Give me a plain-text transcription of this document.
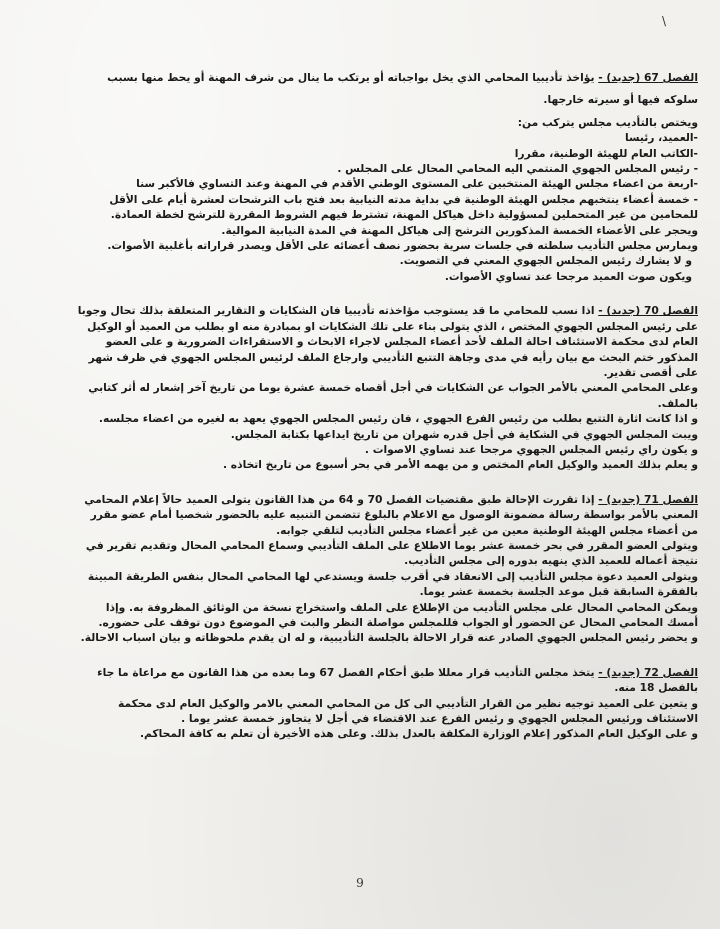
\

الفصل 67 (جديد) - يؤاخذ تأديبيا المحامي الذي يخل بواجباته أو يرتكب ما ينال من شرف المهنة أو يحط منها بسبب

سلوكه فيها أو سيرته خارجها.

ويختص بالتأديب مجلس يتركب من:

-العميد، رئيسا

-الكاتب العام للهيئة الوطنية، مقررا

- رئيس المجلس الجهوي المنتمي اليه المحامي المحال على المجلس .

-اربعة من اعضاء مجلس الهيئة المنتخبين على المستوى الوطني الأقدم في المهنة وعند التساوي فالأكبر سنا

- خمسة أعضاء ينتخبهم مجلس الهيئة الوطنية في بداية مدته النيابية بعد فتح باب الترشحات لعشرة أيام على الأقل للمحامين من غير المتحملين لمسؤولية داخل هياكل المهنة، تشترط فيهم الشروط المقررة للترشح لخطة العمادة.

ويحجر على الأعضاء الخمسة المذكورين الترشح إلى هياكل المهنة في المدة النيابية الموالية.

ويمارس مجلس التأديب سلطته في جلسات سرية بحضور نصف أعضائه على الأقل ويصدر قراراته بأغلبية الأصوات.

و لا يشارك رئيس المجلس الجهوي المعني في التصويت.

ويكون صوت العميد مرجحا عند تساوي الأصوات.

الفصل 70 (جديد) - اذا نسب للمحامي ما قد يستوجب مؤاخذته تأديبيا فان الشكايات و التقارير المتعلقة بذلك تحال وجوبا على رئيس المجلس الجهوي المختص ، الذي يتولى بناء على تلك الشكايات او بمبادرة منه او بطلب من العميد أو الوكيل العام لدى محكمة الاستئناف احالة الملف لأحد أعضاء المجلس لاجراء الابحاث و الاستقراءات الضرورية و على العضو المذكور ختم البحث مع بيان رأيه في مدى وجاهة التتبع التأديبي وارجاع الملف لرئيس المجلس الجهوي في ظرف شهر على أقصى تقدير.

وعلى المحامي المعني بالأمر الجواب عن الشكايات في أجل أقصاه خمسة عشرة يوما من تاريخ آخر إشعار له أثر كتابي بالملف.

و اذا كانت اثارة التتبع بطلب من رئيس الفرع الجهوي ، فان رئيس المجلس الجهوي يعهد به لغيره من اعضاء مجلسه.

ويبت المجلس الجهوي في الشكاية في أجل قدره شهران من تاريخ ايداعها بكتابة المجلس.

و يكون راي رئيس المجلس الجهوي مرجحا عند تساوي الاصوات .

و يعلم بذلك العميد والوكيل العام المختص و من يهمه الأمر في بحر أسبوع من تاريخ اتخاذه .

الفصل 71 (جديد) - إذا تقررت الإحالة طبق مقتضيات الفصل 70 و 64 من هذا القانون يتولى العميد حالاً إعلام المحامي المعني بالأمر بواسطة رسالة مضمونة الوصول مع الاعلام بالبلوغ تتضمن التنبيه عليه بالحضور شخصيا أمام عضو مقرر من أعضاء مجلس الهيئة الوطنية معين من غير أعضاء مجلس التأديب لتلقي جوابه.

ويتولى العضو المقرر في بحر خمسة عشر يوما الاطلاع على الملف التأديبي وسماع المحامي المحال وتقديم تقرير في نتيجة أعماله للعميد الذي ينهيه بدوره إلى مجلس التأديب.

ويتولى العميد دعوة مجلس التأديب إلى الانعقاد في أقرب جلسة ويستدعي لها المحامي المحال بنفس الطريقة المبينة بالفقرة السابقة قبل موعد الجلسة بخمسة عشر يوما.

ويمكن المحامي المحال على مجلس التأديب من الإطلاع على الملف واستخراج نسخة من الوثائق المظروفة به. وإذا أمسك المحامي المحال عن الحضور أو الجواب فللمجلس مواصلة النظر والبت في الموضوع دون توقف على حضوره.

و يحضر رئيس المجلس الجهوي الصادر عنه قرار الاحالة بالجلسة التأديبية، و له ان يقدم ملحوظاته و بيان اسباب الاحالة.

الفصل 72 (جديد) - يتخذ مجلس التأديب قرار معللا طبق أحكام الفصل 67 وما بعده من هذا القانون مع مراعاة ما جاء بالفصل 18 منه.

و يتعين على العميد توجيه نظير من القرار التأديبي الى كل من المحامي المعني بالامر والوكيل العام لدى محكمة الاستئناف ورئيس المجلس الجهوي و رئيس الفرع عند الاقتضاء في أجل لا يتجاوز خمسة عشر يوما .

و على الوكيل العام المذكور إعلام الوزارة المكلفة بالعدل بذلك. وعلى هذه الأخيرة أن تعلم به كافة المحاكم.

9
